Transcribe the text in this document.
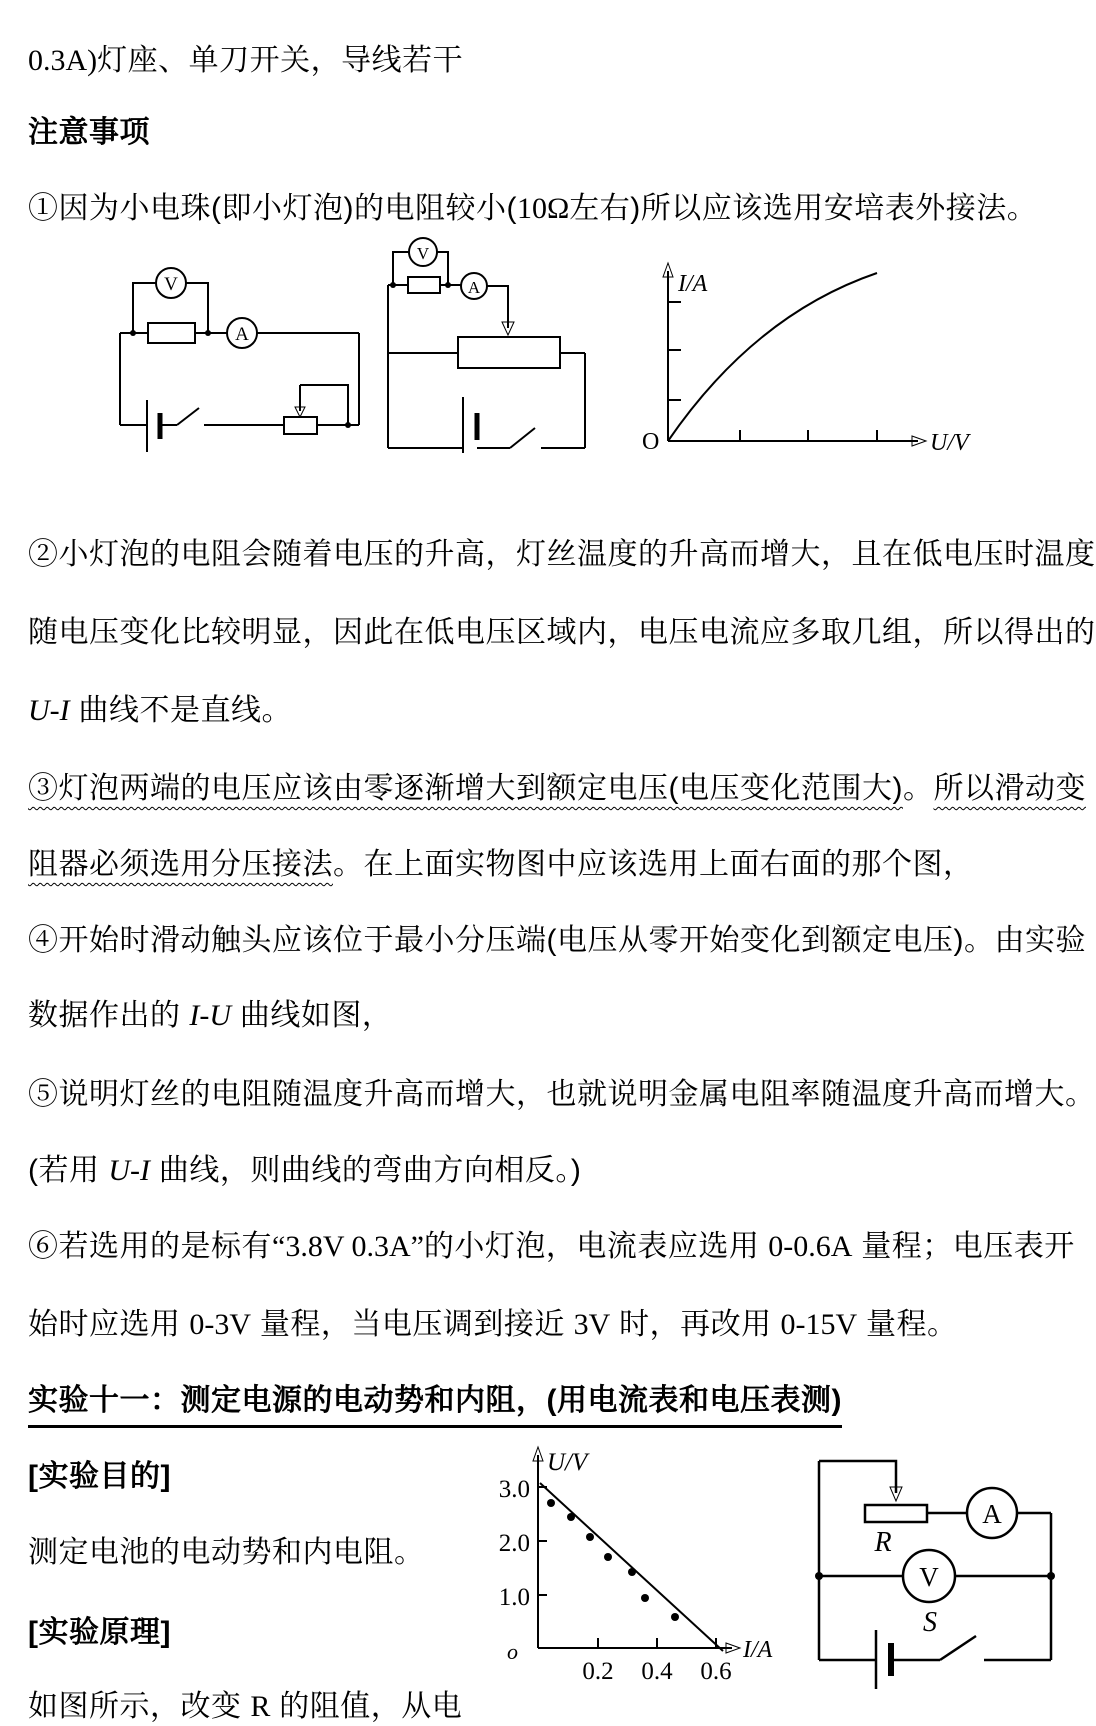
0.3A)灯座、单刀开关，导线若干

注意事项

①因为小电珠(即小灯泡)的电阻较小(10Ω左右)所以应该选用安培表外接法。

②小灯泡的电阻会随着电压的升高，灯丝温度的升高而增大，且在低电压时温度

随电压变化比较明显，因此在低电压区域内，电压电流应多取几组，所以得出的

U-I 曲线不是直线。

③灯泡两端的电压应该由零逐渐增大到额定电压(电压变化范围大)。所以滑动变

阻器必须选用分压接法。在上面实物图中应该选用上面右面的那个图，

④开始时滑动触头应该位于最小分压端(电压从零开始变化到额定电压)。由实验

数据作出的 I-U 曲线如图，

⑤说明灯丝的电阻随温度升高而增大，也就说明金属电阻率随温度升高而增大。

(若用 U-I 曲线，则曲线的弯曲方向相反。)

⑥若选用的是标有“3.8V 0.3A”的小灯泡，电流表应选用 0-0.6A 量程；电压表开

始时应选用 0-3V 量程，当电压调到接近 3V 时，再改用 0-15V 量程。

实验十一：测定电源的电动势和内阻，(用电流表和电压表测)

[实验目的]

测定电池的电动势和内电阻。

[实验原理]

如图所示，改变 R 的阻值，从电

A
V	A
V
I/A
U/V
O
U/V
3.0
2.0
1.0
o
0.2 0.4 0.6
I/A
R
A
V
S
